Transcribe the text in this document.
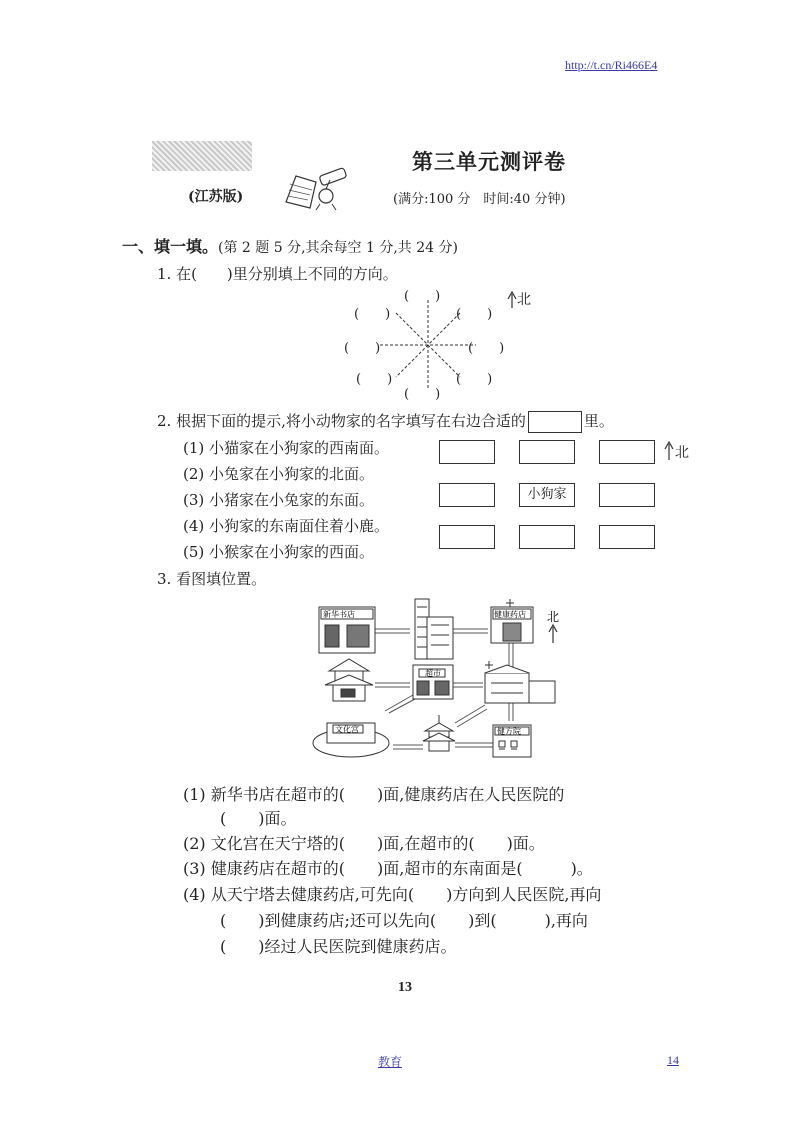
http://t.cn/Ri466E4
第三单元测评卷
(江苏版)	(满分:100 分　时间:40 分钟)
一、填一填。(第 2 题 5 分,其余每空 1 分,共 24 分)
1. 在(　　)里分别填上不同的方向。
北
(　　)
(　　)	(　　)
(　　)	(　　)
(　　)	(　　)
(　　)
2. 根据下面的提示,将小动物家的名字填写在右边合适的	里。
(1) 小猫家在小狗家的西南面。
(2) 小兔家在小狗家的北面。
(3) 小猪家在小兔家的东面。
(4) 小狗家的东南面住着小鹿。
(5) 小猴家在小狗家的西面。
小狗家
北
3. 看图填位置。
新华书店	健康药店 北
超市
文化宫	健方院
(1) 新华书店在超市的(　　)面,健康药店在人民医院的
(　　)面。
(2) 文化宫在天宁塔的(　　)面,在超市的(　　)面。
(3) 健康药店在超市的(　　)面,超市的东南面是(　　　)。
(4) 从天宁塔去健康药店,可先向(　　)方向到人民医院,再向
(　　)到健康药店;还可以先向(　　)到(　　　),再向
(　　)经过人民医院到健康药店。
13
教育	14
